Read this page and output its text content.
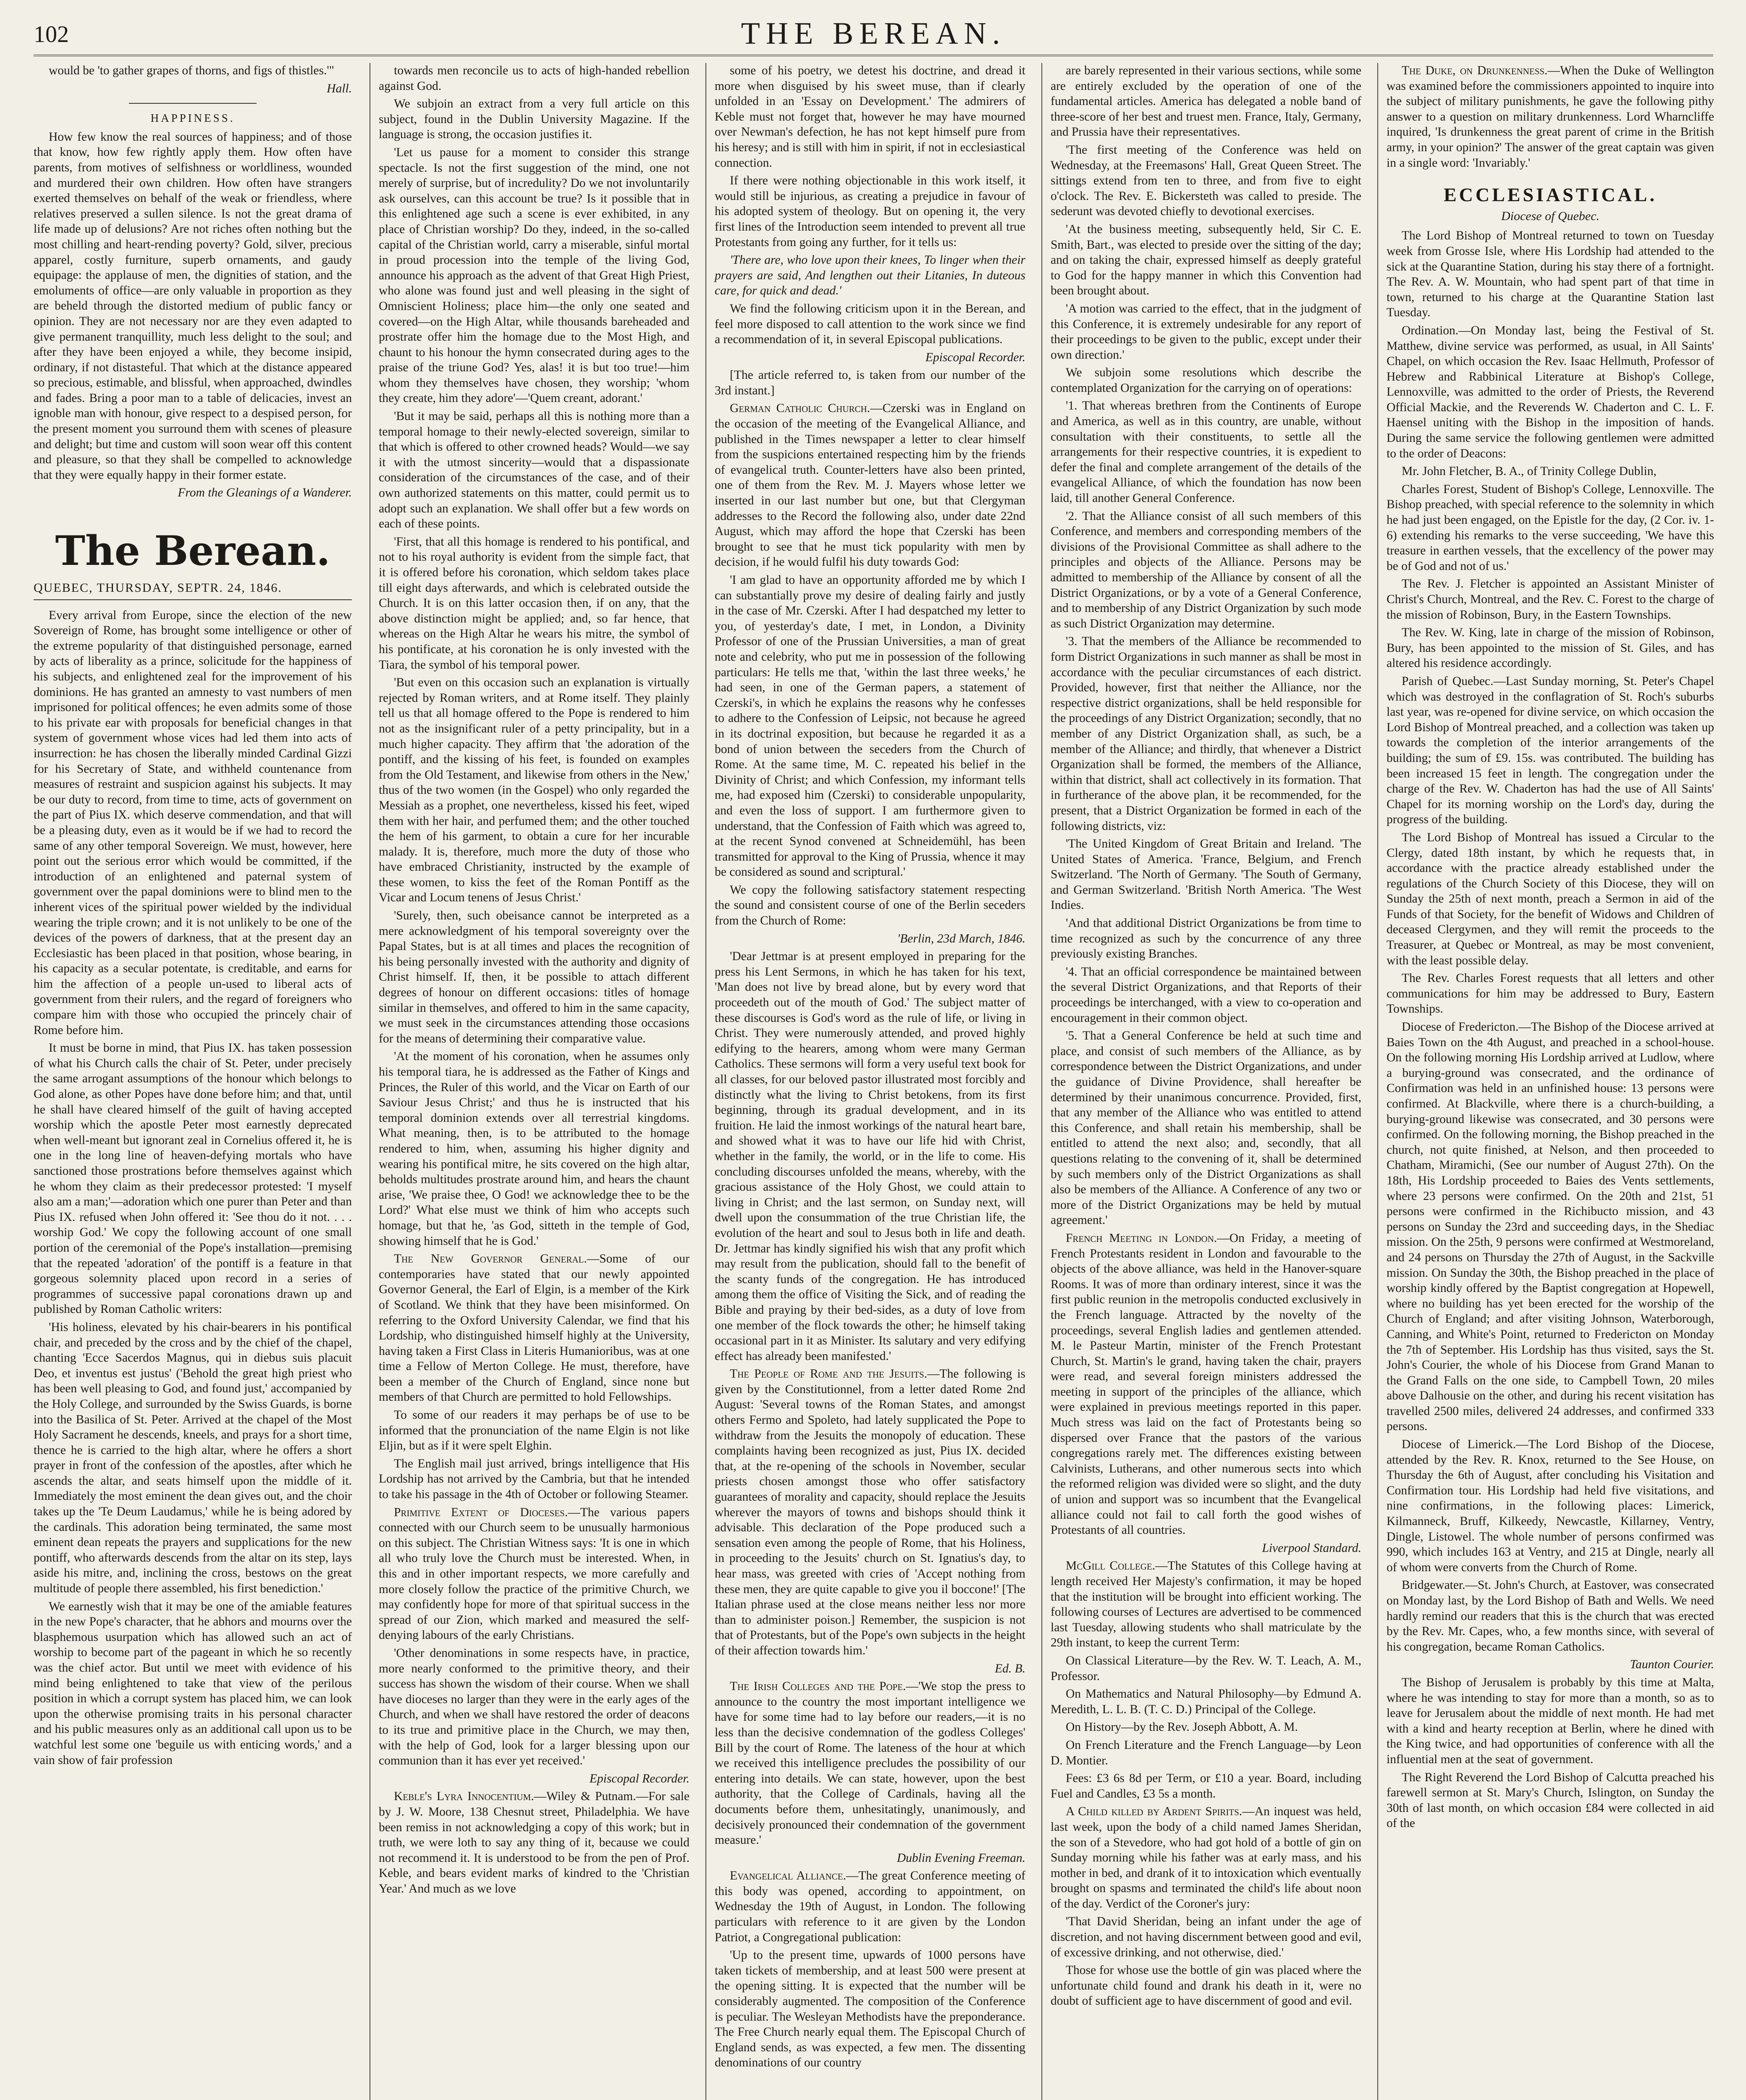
102	THE BEREAN.

would be 'to gather grapes of thorns, and figs of thistles.'"

Hall.

HAPPINESS.

How few know the real sources of happiness; and of those that know, how few rightly apply them. How often have parents, from motives of selfishness or worldliness, wounded and murdered their own children. How often have strangers exerted themselves on behalf of the weak or friendless, where relatives preserved a sullen silence. Is not the great drama of life made up of delusions? Are not riches often nothing but the most chilling and heart-rending poverty? Gold, silver, precious apparel, costly furniture, superb ornaments, and gaudy equipage: the applause of men, the dignities of station, and the emoluments of office—are only valuable in proportion as they are beheld through the distorted medium of public fancy or opinion. They are not necessary nor are they even adapted to give permanent tranquillity, much less delight to the soul; and after they have been enjoyed a while, they become insipid, ordinary, if not distasteful. That which at the distance appeared so precious, estimable, and blissful, when approached, dwindles and fades. Bring a poor man to a table of delicacies, invest an ignoble man with honour, give respect to a despised person, for the present moment you surround them with scenes of pleasure and delight; but time and custom will soon wear off this content and pleasure, so that they shall be compelled to acknowledge that they were equally happy in their former estate.

From the Gleanings of a Wanderer.

The Berean.

QUEBEC, THURSDAY, SEPTR. 24, 1846.

Every arrival from Europe, since the election of the new Sovereign of Rome, has brought some intelligence or other of the extreme popularity of that distinguished personage, earned by acts of liberality as a prince, solicitude for the happiness of his subjects, and enlightened zeal for the improvement of his dominions. He has granted an amnesty to vast numbers of men imprisoned for political offences; he even admits some of those to his private ear with proposals for beneficial changes in that system of government whose vices had led them into acts of insurrection: he has chosen the liberally minded Cardinal Gizzi for his Secretary of State, and withheld countenance from measures of restraint and suspicion against his subjects. It may be our duty to record, from time to time, acts of government on the part of Pius IX. which deserve commendation, and that will be a pleasing duty, even as it would be if we had to record the same of any other temporal Sovereign. We must, however, here point out the serious error which would be committed, if the introduction of an enlightened and paternal system of government over the papal dominions were to blind men to the inherent vices of the spiritual power wielded by the individual wearing the triple crown; and it is not unlikely to be one of the devices of the powers of darkness, that at the present day an Ecclesiastic has been placed in that position, whose bearing, in his capacity as a secular potentate, is creditable, and earns for him the affection of a people un-used to liberal acts of government from their rulers, and the regard of foreigners who compare him with those who occupied the princely chair of Rome before him.

It must be borne in mind, that Pius IX. has taken possession of what his Church calls the chair of St. Peter, under precisely the same arrogant assumptions of the honour which belongs to God alone, as other Popes have done before him; and that, until he shall have cleared himself of the guilt of having accepted worship which the apostle Peter most earnestly deprecated when well-meant but ignorant zeal in Cornelius offered it, he is one in the long line of heaven-defying mortals who have sanctioned those prostrations before themselves against which he whom they claim as their predecessor protested: 'I myself also am a man;'—adoration which one purer than Peter and than Pius IX. refused when John offered it: 'See thou do it not. . . . worship God.' We copy the following account of one small portion of the ceremonial of the Pope's installation—premising that the repeated 'adoration' of the pontiff is a feature in that gorgeous solemnity placed upon record in a series of programmes of successive papal coronations drawn up and published by Roman Catholic writers:

'His holiness, elevated by his chair-bearers in his pontifical chair, and preceded by the cross and by the chief of the chapel, chanting 'Ecce Sacerdos Magnus, qui in diebus suis placuit Deo, et inventus est justus' ('Behold the great high priest who has been well pleasing to God, and found just,' accompanied by the Holy College, and surrounded by the Swiss Guards, is borne into the Basilica of St. Peter. Arrived at the chapel of the Most Holy Sacrament he descends, kneels, and prays for a short time, thence he is carried to the high altar, where he offers a short prayer in front of the confession of the apostles, after which he ascends the altar, and seats himself upon the middle of it. Immediately the most eminent the dean gives out, and the choir takes up the 'Te Deum Laudamus,' while he is being adored by the cardinals. This adoration being terminated, the same most eminent dean repeats the prayers and supplications for the new pontiff, who afterwards descends from the altar on its step, lays aside his mitre, and, inclining the cross, bestows on the great multitude of people there assembled, his first benediction.'

We earnestly wish that it may be one of the amiable features in the new Pope's character, that he abhors and mourns over the blasphemous usurpation which has allowed such an act of worship to become part of the pageant in which he so recently was the chief actor. But until we meet with evidence of his mind being enlightened to take that view of the perilous position in which a corrupt system has placed him, we can look upon the otherwise promising traits in his personal character and his public measures only as an additional call upon us to be watchful lest some one 'beguile us with enticing words,' and a vain show of fair profession

towards men reconcile us to acts of high-handed rebellion against God.

We subjoin an extract from a very full article on this subject, found in the Dublin University Magazine. If the language is strong, the occasion justifies it.

'Let us pause for a moment to consider this strange spectacle. Is not the first suggestion of the mind, one not merely of surprise, but of incredulity? Do we not involuntarily ask ourselves, can this account be true? Is it possible that in this enlightened age such a scene is ever exhibited, in any place of Christian worship? Do they, indeed, in the so-called capital of the Christian world, carry a miserable, sinful mortal in proud procession into the temple of the living God, announce his approach as the advent of that Great High Priest, who alone was found just and well pleasing in the sight of Omniscient Holiness; place him—the only one seated and covered—on the High Altar, while thousands bareheaded and prostrate offer him the homage due to the Most High, and chaunt to his honour the hymn consecrated during ages to the praise of the triune God? Yes, alas! it is but too true!—him whom they themselves have chosen, they worship; 'whom they create, him they adore'—'Quem creant, adorant.'

'But it may be said, perhaps all this is nothing more than a temporal homage to their newly-elected sovereign, similar to that which is offered to other crowned heads? Would—we say it with the utmost sincerity—would that a dispassionate consideration of the circumstances of the case, and of their own authorized statements on this matter, could permit us to adopt such an explanation. We shall offer but a few words on each of these points.

'First, that all this homage is rendered to his pontifical, and not to his royal authority is evident from the simple fact, that it is offered before his coronation, which seldom takes place till eight days afterwards, and which is celebrated outside the Church. It is on this latter occasion then, if on any, that the above distinction might be applied; and, so far hence, that whereas on the High Altar he wears his mitre, the symbol of his pontificate, at his coronation he is only invested with the Tiara, the symbol of his temporal power.

'But even on this occasion such an explanation is virtually rejected by Roman writers, and at Rome itself. They plainly tell us that all homage offered to the Pope is rendered to him not as the insignificant ruler of a petty principality, but in a much higher capacity. They affirm that 'the adoration of the pontiff, and the kissing of his feet, is founded on examples from the Old Testament, and likewise from others in the New,' thus of the two women (in the Gospel) who only regarded the Messiah as a prophet, one nevertheless, kissed his feet, wiped them with her hair, and perfumed them; and the other touched the hem of his garment, to obtain a cure for her incurable malady. It is, therefore, much more the duty of those who have embraced Christianity, instructed by the example of these women, to kiss the feet of the Roman Pontiff as the Vicar and Locum tenens of Jesus Christ.'

'Surely, then, such obeisance cannot be interpreted as a mere acknowledgment of his temporal sovereignty over the Papal States, but is at all times and places the recognition of his being personally invested with the authority and dignity of Christ himself. If, then, it be possible to attach different degrees of honour on different occasions: titles of homage similar in themselves, and offered to him in the same capacity, we must seek in the circumstances attending those occasions for the means of determining their comparative value.

'At the moment of his coronation, when he assumes only his temporal tiara, he is addressed as the Father of Kings and Princes, the Ruler of this world, and the Vicar on Earth of our Saviour Jesus Christ;' and thus he is instructed that his temporal dominion extends over all terrestrial kingdoms. What meaning, then, is to be attributed to the homage rendered to him, when, assuming his higher dignity and wearing his pontifical mitre, he sits covered on the high altar, beholds multitudes prostrate around him, and hears the chaunt arise, 'We praise thee, O God! we acknowledge thee to be the Lord?' What else must we think of him who accepts such homage, but that he, 'as God, sitteth in the temple of God, showing himself that he is God.'

The New Governor General.—Some of our contemporaries have stated that our newly appointed Governor General, the Earl of Elgin, is a member of the Kirk of Scotland. We think that they have been misinformed. On referring to the Oxford University Calendar, we find that his Lordship, who distinguished himself highly at the University, having taken a First Class in Literis Humanioribus, was at one time a Fellow of Merton College. He must, therefore, have been a member of the Church of England, since none but members of that Church are permitted to hold Fellowships.

To some of our readers it may perhaps be of use to be informed that the pronunciation of the name Elgin is not like Eljin, but as if it were spelt Elghin.

The English mail just arrived, brings intelligence that His Lordship has not arrived by the Cambria, but that he intended to take his passage in the 4th of October or following Steamer.

Primitive Extent of Dioceses.—The various papers connected with our Church seem to be unusually harmonious on this subject. The Christian Witness says: 'It is one in which all who truly love the Church must be interested. When, in this and in other important respects, we more carefully and more closely follow the practice of the primitive Church, we may confidently hope for more of that spiritual success in the spread of our Zion, which marked and measured the self-denying labours of the early Christians.

'Other denominations in some respects have, in practice, more nearly conformed to the primitive theory, and their success has shown the wisdom of their course. When we shall have dioceses no larger than they were in the early ages of the Church, and when we shall have restored the order of deacons to its true and primitive place in the Church, we may then, with the help of God, look for a larger blessing upon our communion than it has ever yet received.'

Episcopal Recorder.

Keble's Lyra Innocentium.—Wiley & Putnam.—For sale by J. W. Moore, 138 Chesnut street, Philadelphia. We have been remiss in not acknowledging a copy of this work; but in truth, we were loth to say any thing of it, because we could not recommend it. It is understood to be from the pen of Prof. Keble, and bears evident marks of kindred to the 'Christian Year.' And much as we love

some of his poetry, we detest his doctrine, and dread it more when disguised by his sweet muse, than if clearly unfolded in an 'Essay on Development.' The admirers of Keble must not forget that, however he may have mourned over Newman's defection, he has not kept himself pure from his heresy; and is still with him in spirit, if not in ecclesiastical connection.

If there were nothing objectionable in this work itself, it would still be injurious, as creating a prejudice in favour of his adopted system of theology. But on opening it, the very first lines of the Introduction seem intended to prevent all true Protestants from going any further, for it tells us:

'There are, who love upon their knees, To linger when their prayers are said, And lengthen out their Litanies, In duteous care, for quick and dead.'

We find the following criticism upon it in the Berean, and feel more disposed to call attention to the work since we find a recommendation of it, in several Episcopal publications.

Episcopal Recorder.

[The article referred to, is taken from our number of the 3rd instant.]

German Catholic Church.—Czerski was in England on the occasion of the meeting of the Evangelical Alliance, and published in the Times newspaper a letter to clear himself from the suspicions entertained respecting him by the friends of evangelical truth. Counter-letters have also been printed, one of them from the Rev. M. J. Mayers whose letter we inserted in our last number but one, but that Clergyman addresses to the Record the following also, under date 22nd August, which may afford the hope that Czerski has been brought to see that he must tick popularity with men by decision, if he would fulfil his duty towards God:

'I am glad to have an opportunity afforded me by which I can substantially prove my desire of dealing fairly and justly in the case of Mr. Czerski. After I had despatched my letter to you, of yesterday's date, I met, in London, a Divinity Professor of one of the Prussian Universities, a man of great note and celebrity, who put me in possession of the following particulars: He tells me that, 'within the last three weeks,' he had seen, in one of the German papers, a statement of Czerski's, in which he explains the reasons why he confesses to adhere to the Confession of Leipsic, not because he agreed in its doctrinal exposition, but because he regarded it as a bond of union between the seceders from the Church of Rome. At the same time, M. C. repeated his belief in the Divinity of Christ; and which Confession, my informant tells me, had exposed him (Czerski) to considerable unpopularity, and even the loss of support. I am furthermore given to understand, that the Confession of Faith which was agreed to, at the recent Synod convened at Schneidemühl, has been transmitted for approval to the King of Prussia, whence it may be considered as sound and scriptural.'

We copy the following satisfactory statement respecting the sound and consistent course of one of the Berlin seceders from the Church of Rome:

'Berlin, 23d March, 1846.

'Dear Jettmar is at present employed in preparing for the press his Lent Sermons, in which he has taken for his text, 'Man does not live by bread alone, but by every word that proceedeth out of the mouth of God.' The subject matter of these discourses is God's word as the rule of life, or living in Christ. They were numerously attended, and proved highly edifying to the hearers, among whom were many German Catholics. These sermons will form a very useful text book for all classes, for our beloved pastor illustrated most forcibly and distinctly what the living to Christ betokens, from its first beginning, through its gradual development, and in its fruition. He laid the inmost workings of the natural heart bare, and showed what it was to have our life hid with Christ, whether in the family, the world, or in the life to come. His concluding discourses unfolded the means, whereby, with the gracious assistance of the Holy Ghost, we could attain to living in Christ; and the last sermon, on Sunday next, will dwell upon the consummation of the true Christian life, the evolution of the heart and soul to Jesus both in life and death. Dr. Jettmar has kindly signified his wish that any profit which may result from the publication, should fall to the benefit of the scanty funds of the congregation. He has introduced among them the office of Visiting the Sick, and of reading the Bible and praying by their bed-sides, as a duty of love from one member of the flock towards the other; he himself taking occasional part in it as Minister. Its salutary and very edifying effect has already been manifested.'

The People of Rome and the Jesuits.—The following is given by the Constitutionnel, from a letter dated Rome 2nd August: 'Several towns of the Roman States, and amongst others Fermo and Spoleto, had lately supplicated the Pope to withdraw from the Jesuits the monopoly of education. These complaints having been recognized as just, Pius IX. decided that, at the re-opening of the schools in November, secular priests chosen amongst those who offer satisfactory guarantees of morality and capacity, should replace the Jesuits wherever the mayors of towns and bishops should think it advisable. This declaration of the Pope produced such a sensation even among the people of Rome, that his Holiness, in proceeding to the Jesuits' church on St. Ignatius's day, to hear mass, was greeted with cries of 'Accept nothing from these men, they are quite capable to give you il boccone!' [The Italian phrase used at the close means neither less nor more than to administer poison.] Remember, the suspicion is not that of Protestants, but of the Pope's own subjects in the height of their affection towards him.'

Ed. B.

The Irish Colleges and the Pope.—'We stop the press to announce to the country the most important intelligence we have for some time had to lay before our readers,—it is no less than the decisive condemnation of the godless Colleges' Bill by the court of Rome. The lateness of the hour at which we received this intelligence precludes the possibility of our entering into details. We can state, however, upon the best authority, that the College of Cardinals, having all the documents before them, unhesitatingly, unanimously, and decisively pronounced their condemnation of the government measure.'

Dublin Evening Freeman.

Evangelical Alliance.—The great Conference meeting of this body was opened, according to appointment, on Wednesday the 19th of August, in London. The following particulars with reference to it are given by the London Patriot, a Congregational publication:

'Up to the present time, upwards of 1000 persons have taken tickets of membership, and at least 500 were present at the opening sitting. It is expected that the number will be considerably augmented. The composition of the Conference is peculiar. The Wesleyan Methodists have the preponderance. The Free Church nearly equal them. The Episcopal Church of England sends, as was expected, a few men. The dissenting denominations of our country

are barely represented in their various sections, while some are entirely excluded by the operation of one of the fundamental articles. America has delegated a noble band of three-score of her best and truest men. France, Italy, Germany, and Prussia have their representatives.

'The first meeting of the Conference was held on Wednesday, at the Freemasons' Hall, Great Queen Street. The sittings extend from ten to three, and from five to eight o'clock. The Rev. E. Bickersteth was called to preside. The sederunt was devoted chiefly to devotional exercises.

'At the business meeting, subsequently held, Sir C. E. Smith, Bart., was elected to preside over the sitting of the day; and on taking the chair, expressed himself as deeply grateful to God for the happy manner in which this Convention had been brought about.

'A motion was carried to the effect, that in the judgment of this Conference, it is extremely undesirable for any report of their proceedings to be given to the public, except under their own direction.'

We subjoin some resolutions which describe the contemplated Organization for the carrying on of operations:

'1. That whereas brethren from the Continents of Europe and America, as well as in this country, are unable, without consultation with their constituents, to settle all the arrangements for their respective countries, it is expedient to defer the final and complete arrangement of the details of the evangelical Alliance, of which the foundation has now been laid, till another General Conference.

'2. That the Alliance consist of all such members of this Conference, and members and corresponding members of the divisions of the Provisional Committee as shall adhere to the principles and objects of the Alliance. Persons may be admitted to membership of the Alliance by consent of all the District Organizations, or by a vote of a General Conference, and to membership of any District Organization by such mode as such District Organization may determine.

'3. That the members of the Alliance be recommended to form District Organizations in such manner as shall be most in accordance with the peculiar circumstances of each district. Provided, however, first that neither the Alliance, nor the respective district organizations, shall be held responsible for the proceedings of any District Organization; secondly, that no member of any District Organization shall, as such, be a member of the Alliance; and thirdly, that whenever a District Organization shall be formed, the members of the Alliance, within that district, shall act collectively in its formation. That in furtherance of the above plan, it be recommended, for the present, that a District Organization be formed in each of the following districts, viz:

'The United Kingdom of Great Britain and Ireland. 'The United States of America. 'France, Belgium, and French Switzerland. 'The North of Germany. 'The South of Germany, and German Switzerland. 'British North America. 'The West Indies.

'And that additional District Organizations be from time to time recognized as such by the concurrence of any three previously existing Branches.

'4. That an official correspondence be maintained between the several District Organizations, and that Reports of their proceedings be interchanged, with a view to co-operation and encouragement in their common object.

'5. That a General Conference be held at such time and place, and consist of such members of the Alliance, as by correspondence between the District Organizations, and under the guidance of Divine Providence, shall hereafter be determined by their unanimous concurrence. Provided, first, that any member of the Alliance who was entitled to attend this Conference, and shall retain his membership, shall be entitled to attend the next also; and, secondly, that all questions relating to the convening of it, shall be determined by such members only of the District Organizations as shall also be members of the Alliance. A Conference of any two or more of the District Organizations may be held by mutual agreement.'

French Meeting in London.—On Friday, a meeting of French Protestants resident in London and favourable to the objects of the above alliance, was held in the Hanover-square Rooms. It was of more than ordinary interest, since it was the first public reunion in the metropolis conducted exclusively in the French language. Attracted by the novelty of the proceedings, several English ladies and gentlemen attended. M. le Pasteur Martin, minister of the French Protestant Church, St. Martin's le grand, having taken the chair, prayers were read, and several foreign ministers addressed the meeting in support of the principles of the alliance, which were explained in previous meetings reported in this paper. Much stress was laid on the fact of Protestants being so dispersed over France that the pastors of the various congregations rarely met. The differences existing between Calvinists, Lutherans, and other numerous sects into which the reformed religion was divided were so slight, and the duty of union and support was so incumbent that the Evangelical alliance could not fail to call forth the good wishes of Protestants of all countries.

Liverpool Standard.

McGill College.—The Statutes of this College having at length received Her Majesty's confirmation, it may be hoped that the institution will be brought into efficient working. The following courses of Lectures are advertised to be commenced last Tuesday, allowing students who shall matriculate by the 29th instant, to keep the current Term:

On Classical Literature—by the Rev. W. T. Leach, A. M., Professor.

On Mathematics and Natural Philosophy—by Edmund A. Meredith, L. L. B. (T. C. D.) Principal of the College.

On History—by the Rev. Joseph Abbott, A. M.

On French Literature and the French Language—by Leon D. Montier.

Fees: £3 6s 8d per Term, or £10 a year. Board, including Fuel and Candles, £3 5s a month.

A Child killed by Ardent Spirits.—An inquest was held, last week, upon the body of a child named James Sheridan, the son of a Stevedore, who had got hold of a bottle of gin on Sunday morning while his father was at early mass, and his mother in bed, and drank of it to intoxication which eventually brought on spasms and terminated the child's life about noon of the day. Verdict of the Coroner's jury:

'That David Sheridan, being an infant under the age of discretion, and not having discernment between good and evil, of excessive drinking, and not otherwise, died.'

Those for whose use the bottle of gin was placed where the unfortunate child found and drank his death in it, were no doubt of sufficient age to have discernment of good and evil.

The Duke, on Drunkenness.—When the Duke of Wellington was examined before the commissioners appointed to inquire into the subject of military punishments, he gave the following pithy answer to a question on military drunkenness. Lord Wharncliffe inquired, 'Is drunkenness the great parent of crime in the British army, in your opinion?' The answer of the great captain was given in a single word: 'Invariably.'

ECCLESIASTICAL.

Diocese of Quebec.

The Lord Bishop of Montreal returned to town on Tuesday week from Grosse Isle, where His Lordship had attended to the sick at the Quarantine Station, during his stay there of a fortnight. The Rev. A. W. Mountain, who had spent part of that time in town, returned to his charge at the Quarantine Station last Tuesday.

Ordination.—On Monday last, being the Festival of St. Matthew, divine service was performed, as usual, in All Saints' Chapel, on which occasion the Rev. Isaac Hellmuth, Professor of Hebrew and Rabbinical Literature at Bishop's College, Lennoxville, was admitted to the order of Priests, the Reverend Official Mackie, and the Reverends W. Chaderton and C. L. F. Haensel uniting with the Bishop in the imposition of hands. During the same service the following gentlemen were admitted to the order of Deacons:

Mr. John Fletcher, B. A., of Trinity College Dublin,

Charles Forest, Student of Bishop's College, Lennoxville. The Bishop preached, with special reference to the solemnity in which he had just been engaged, on the Epistle for the day, (2 Cor. iv. 1-6) extending his remarks to the verse succeeding, 'We have this treasure in earthen vessels, that the excellency of the power may be of God and not of us.'

The Rev. J. Fletcher is appointed an Assistant Minister of Christ's Church, Montreal, and the Rev. C. Forest to the charge of the mission of Robinson, Bury, in the Eastern Townships.

The Rev. W. King, late in charge of the mission of Robinson, Bury, has been appointed to the mission of St. Giles, and has altered his residence accordingly.

Parish of Quebec.—Last Sunday morning, St. Peter's Chapel which was destroyed in the conflagration of St. Roch's suburbs last year, was re-opened for divine service, on which occasion the Lord Bishop of Montreal preached, and a collection was taken up towards the completion of the interior arrangements of the building; the sum of £9. 15s. was contributed. The building has been increased 15 feet in length. The congregation under the charge of the Rev. W. Chaderton has had the use of All Saints' Chapel for its morning worship on the Lord's day, during the progress of the building.

The Lord Bishop of Montreal has issued a Circular to the Clergy, dated 18th instant, by which he requests that, in accordance with the practice already established under the regulations of the Church Society of this Diocese, they will on Sunday the 25th of next month, preach a Sermon in aid of the Funds of that Society, for the benefit of Widows and Children of deceased Clergymen, and they will remit the proceeds to the Treasurer, at Quebec or Montreal, as may be most convenient, with the least possible delay.

The Rev. Charles Forest requests that all letters and other communications for him may be addressed to Bury, Eastern Townships.

Diocese of Fredericton.—The Bishop of the Diocese arrived at Baies Town on the 4th August, and preached in a school-house. On the following morning His Lordship arrived at Ludlow, where a burying-ground was consecrated, and the ordinance of Confirmation was held in an unfinished house: 13 persons were confirmed. At Blackville, where there is a church-building, a burying-ground likewise was consecrated, and 30 persons were confirmed. On the following morning, the Bishop preached in the church, not quite finished, at Nelson, and then proceeded to Chatham, Miramichi, (See our number of August 27th). On the 18th, His Lordship proceeded to Baies des Vents settlements, where 23 persons were confirmed. On the 20th and 21st, 51 persons were confirmed in the Richibucto mission, and 43 persons on Sunday the 23rd and succeeding days, in the Shediac mission. On the 25th, 9 persons were confirmed at Westmoreland, and 24 persons on Thursday the 27th of August, in the Sackville mission. On Sunday the 30th, the Bishop preached in the place of worship kindly offered by the Baptist congregation at Hopewell, where no building has yet been erected for the worship of the Church of England; and after visiting Johnson, Waterborough, Canning, and White's Point, returned to Fredericton on Monday the 7th of September. His Lordship has thus visited, says the St. John's Courier, the whole of his Diocese from Grand Manan to the Grand Falls on the one side, to Campbell Town, 20 miles above Dalhousie on the other, and during his recent visitation has travelled 2500 miles, delivered 24 addresses, and confirmed 333 persons.

Diocese of Limerick.—The Lord Bishop of the Diocese, attended by the Rev. R. Knox, returned to the See House, on Thursday the 6th of August, after concluding his Visitation and Confirmation tour. His Lordship had held five visitations, and nine confirmations, in the following places: Limerick, Kilmanneck, Bruff, Kilkeedy, Newcastle, Killarney, Ventry, Dingle, Listowel. The whole number of persons confirmed was 990, which includes 163 at Ventry, and 215 at Dingle, nearly all of whom were converts from the Church of Rome.

Bridgewater.—St. John's Church, at Eastover, was consecrated on Monday last, by the Lord Bishop of Bath and Wells. We need hardly remind our readers that this is the church that was erected by the Rev. Mr. Capes, who, a few months since, with several of his congregation, became Roman Catholics.

Taunton Courier.

The Bishop of Jerusalem is probably by this time at Malta, where he was intending to stay for more than a month, so as to leave for Jerusalem about the middle of next month. He had met with a kind and hearty reception at Berlin, where he dined with the King twice, and had opportunities of conference with all the influential men at the seat of government.

The Right Reverend the Lord Bishop of Calcutta preached his farewell sermon at St. Mary's Church, Islington, on Sunday the 30th of last month, on which occasion £84 were collected in aid of the
